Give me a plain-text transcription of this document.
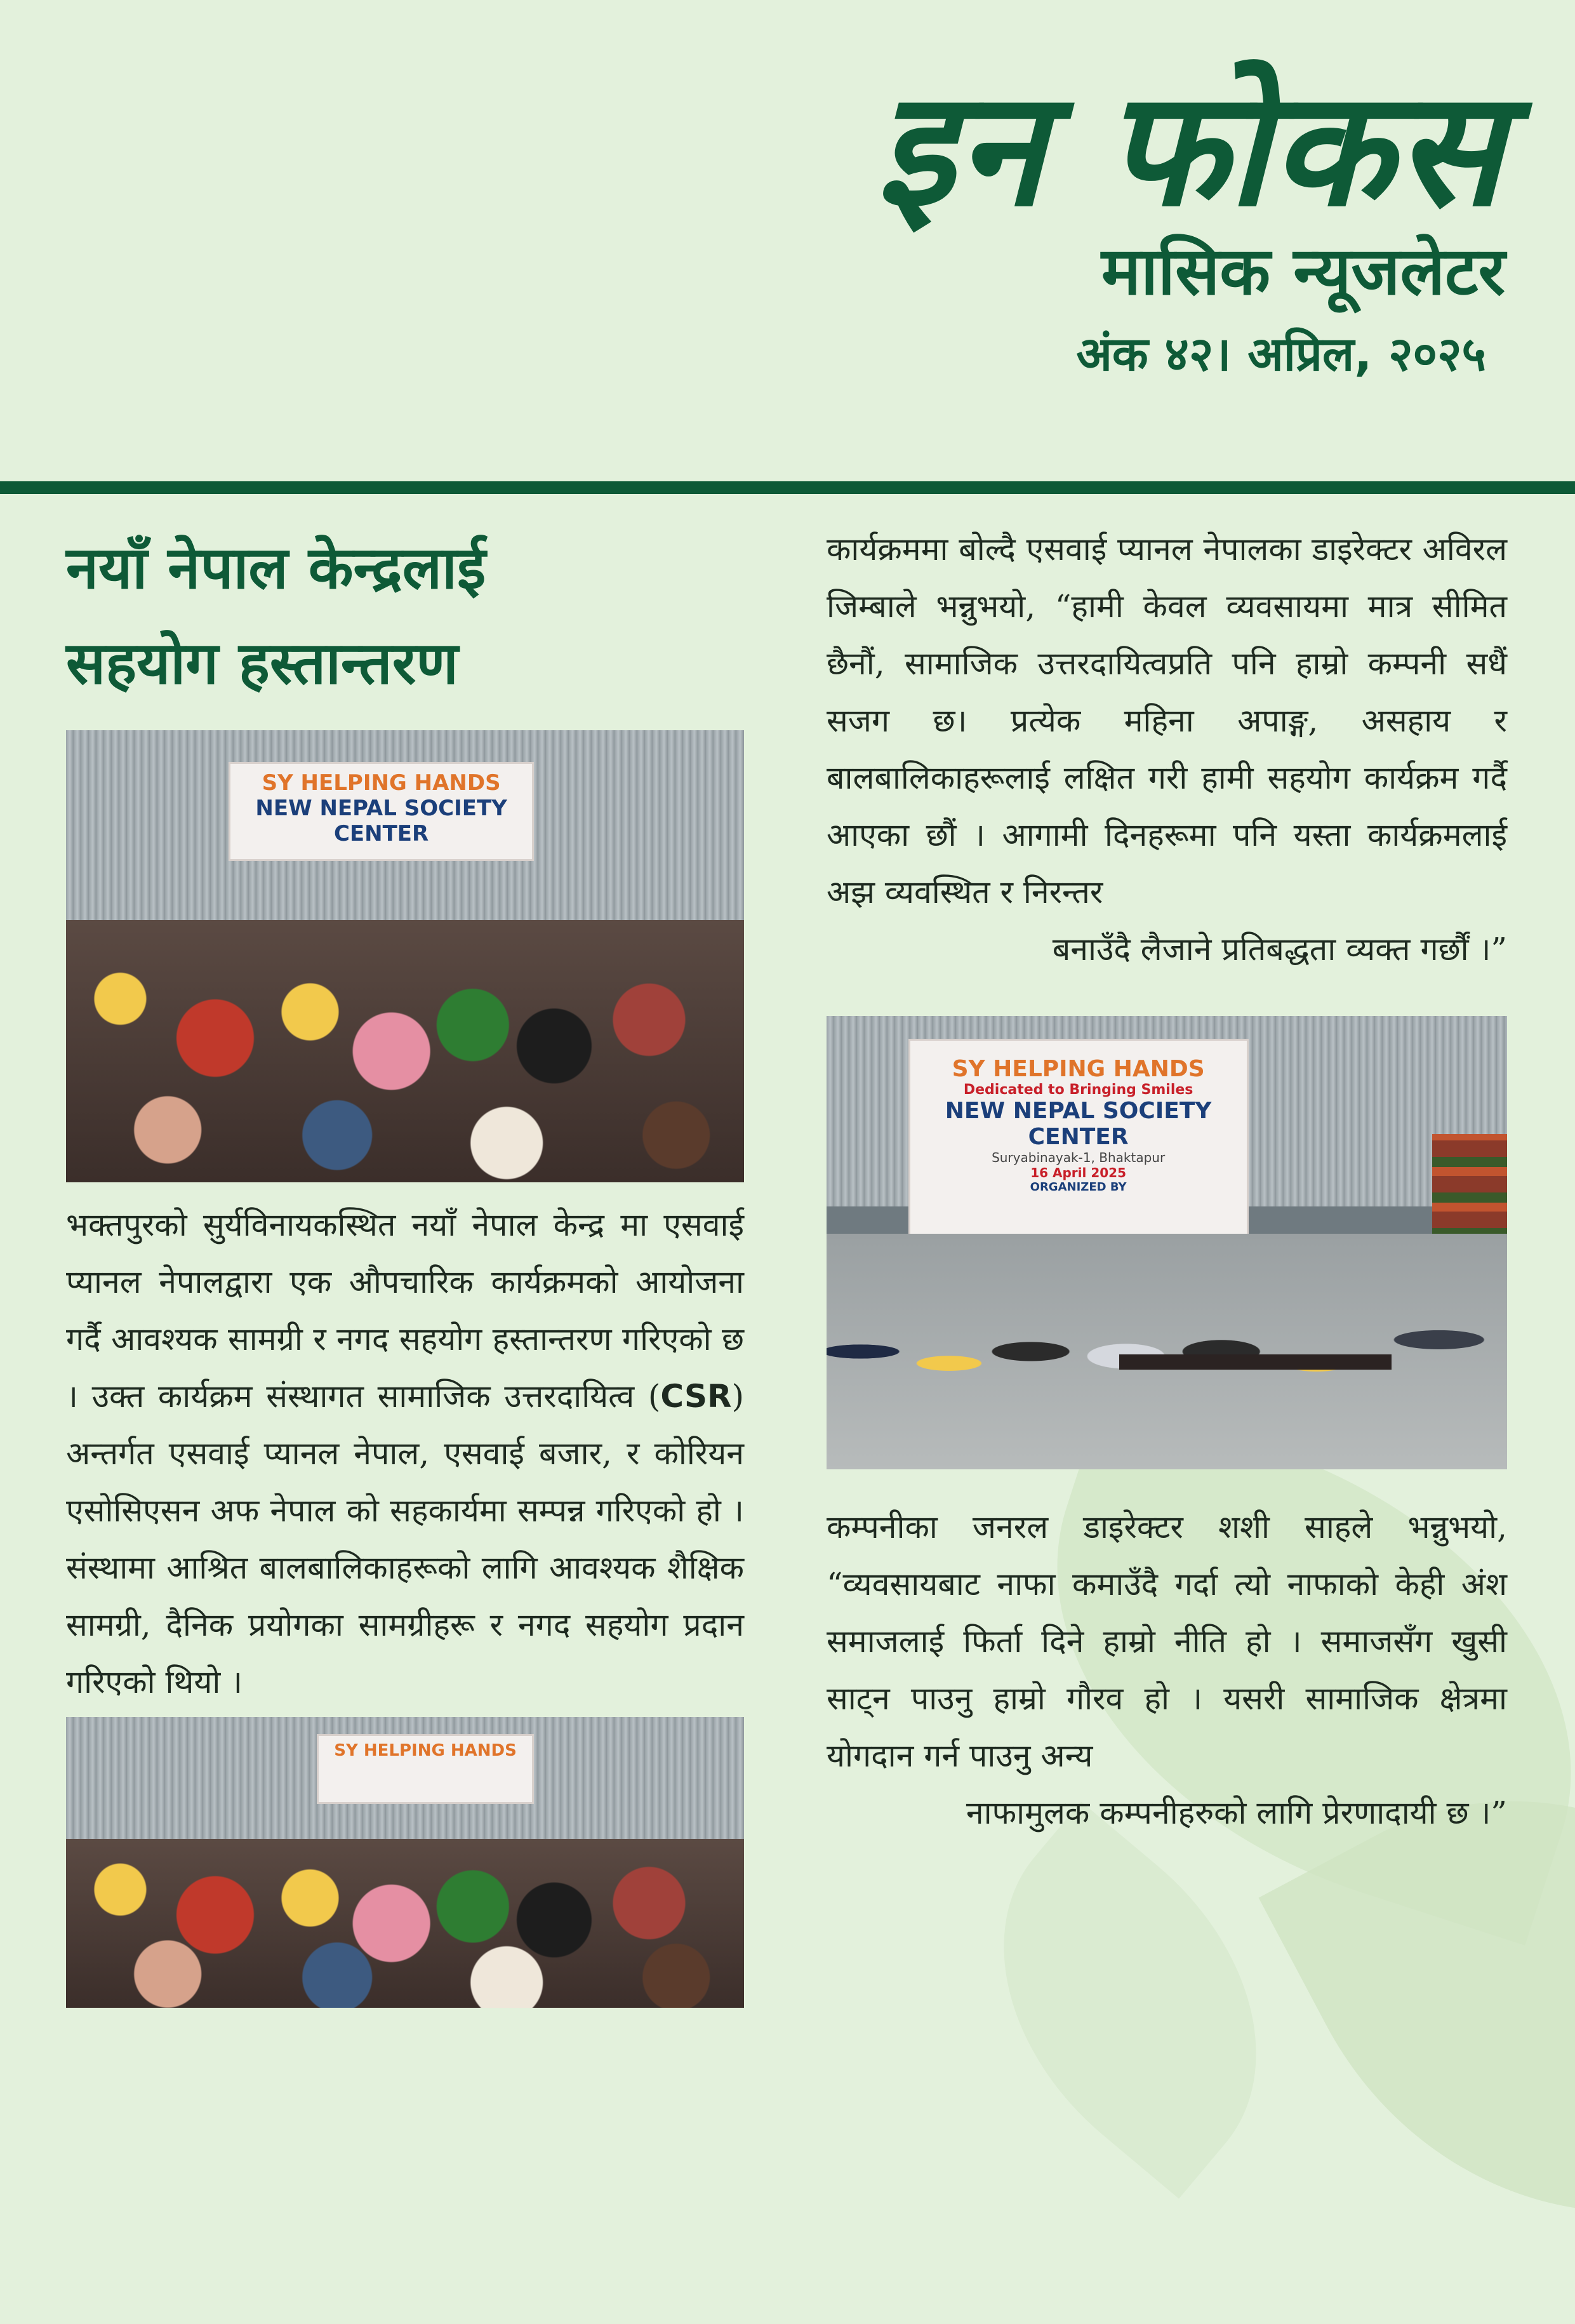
इन फोकस
मासिक न्यूजलेटर
अंक ४२। अप्रिल, २०२५
नयाँ नेपाल केन्द्रलाई
सहयोग हस्तान्तरण
SY HELPING HANDS
NEW NEPAL SOCIETY CENTER

भक्तपुरको सुर्यविनायकस्थित नयाँ नेपाल केन्द्र मा एसवाई प्यानल नेपालद्वारा एक औपचारिक कार्यक्रमको आयोजना गर्दै आवश्यक सामग्री र नगद सहयोग हस्तान्तरण गरिएको छ । उक्त कार्यक्रम संस्थागत सामाजिक उत्तरदायित्व (CSR) अन्तर्गत एसवाई प्यानल नेपाल, एसवाई बजार, र कोरियन एसोसिएसन अफ नेपाल को सहकार्यमा सम्पन्न गरिएको हो । संस्थामा आश्रित बालबालिकाहरूको लागि आवश्यक शैक्षिक सामग्री, दैनिक प्रयोगका सामग्रीहरू र नगद सहयोग प्रदान गरिएको थियो ।

SY HELPING HANDS

कार्यक्रममा बोल्दै एसवाई प्यानल नेपालका डाइरेक्टर अविरल जिम्बाले भन्नुभयो, “हामी केवल व्यवसायमा मात्र सीमित छैनौं, सामाजिक उत्तरदायित्वप्रति पनि हाम्रो कम्पनी सधैं सजग छ। प्रत्येक महिना अपाङ्ग, असहाय र बालबालिकाहरूलाई लक्षित गरी हामी सहयोग कार्यक्रम गर्दै आएका छौं । आगामी दिनहरूमा पनि यस्ता कार्यक्रमलाई अझ व्यवस्थित र निरन्तर

बनाउँदै लैजाने प्रतिबद्धता व्यक्त गर्छौं ।”

SY HELPING HANDS
Dedicated to Bringing Smiles
NEW NEPAL SOCIETY CENTER
Suryabinayak-1, Bhaktapur
16 April 2025
ORGANIZED BY

कम्पनीका जनरल डाइरेक्टर शशी साहले भन्नुभयो, “व्यवसायबाट नाफा कमाउँदै गर्दा त्यो नाफाको केही अंश समाजलाई फिर्ता दिने हाम्रो नीति हो । समाजसँग खुसी साट्न पाउनु हाम्रो गौरव हो । यसरी सामाजिक क्षेत्रमा योगदान गर्न पाउनु अन्य

नाफामुलक कम्पनीहरुको लागि प्रेरणादायी छ ।”
